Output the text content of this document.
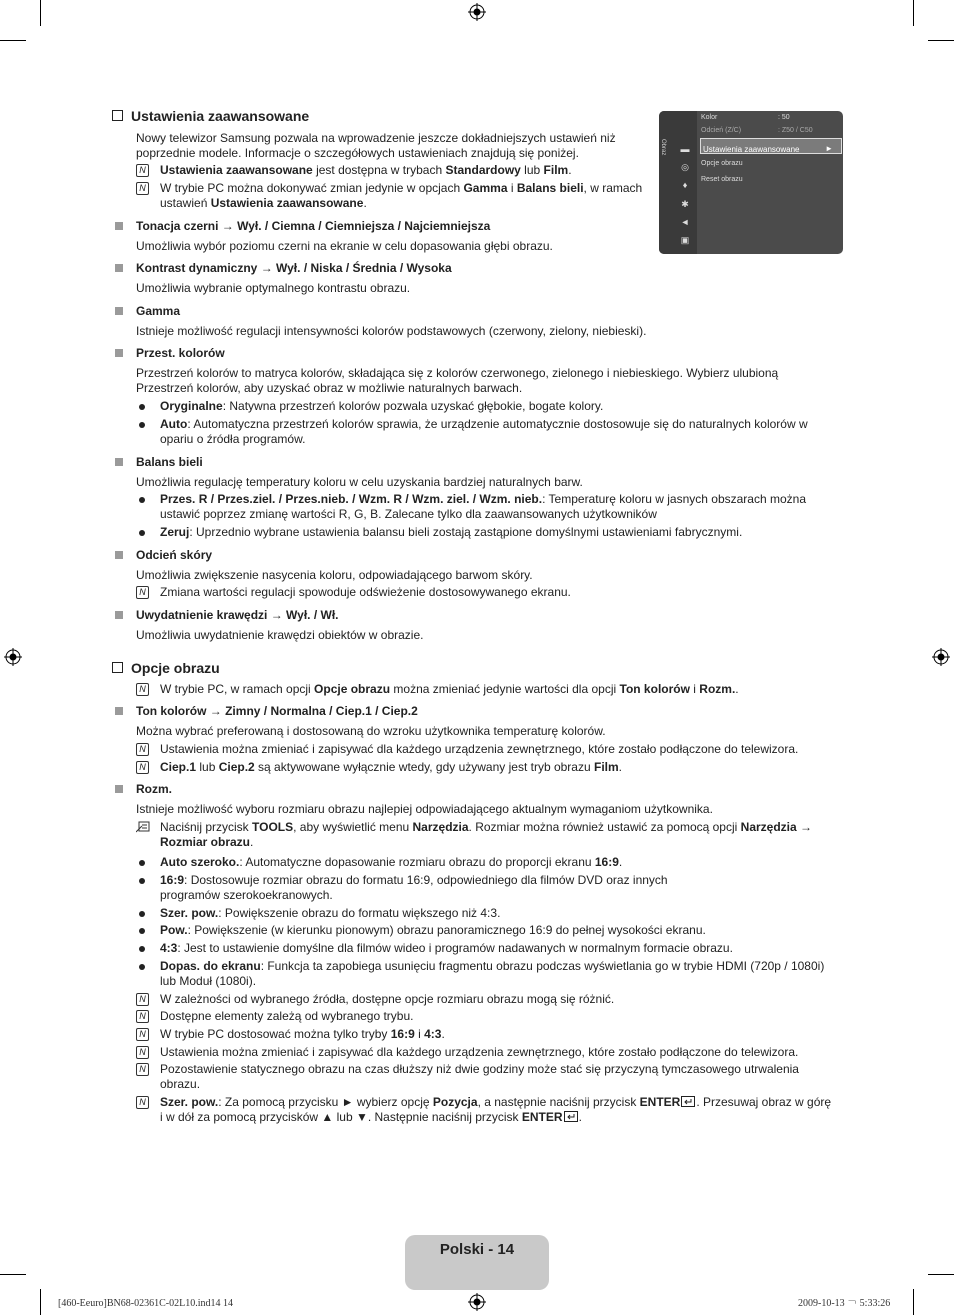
Ustawienia zaawansowane
Nowy telewizor Samsung pozwala na wprowadzenie jeszcze dokładniejszych ustawień niż poprzednie modele. Informacje o szczegółowych ustawieniach znajdują się poniżej.
N Ustawienia zaawansowane jest dostępna w trybach Standardowy lub Film.
N W trybie PC można dokonywać zmian jedynie w opcjach Gamma i Balans bieli, w ramach ustawień Ustawienia zaawansowane.
Tonacja czerni → Wył. / Ciemna / Ciemniejsza / Najciemniejsza
Umożliwia wybór poziomu czerni na ekranie w celu dopasowania głębi obrazu.
Kontrast dynamiczny → Wył. / Niska / Średnia / Wysoka
Umożliwia wybranie optymalnego kontrastu obrazu.
Gamma
Istnieje możliwość regulacji intensywności kolorów podstawowych (czerwony, zielony, niebieski).
Przest. kolorów
Przestrzeń kolorów to matryca kolorów, składająca się z kolorów czerwonego, zielonego i niebieskiego. Wybierz ulubioną Przestrzeń kolorów, aby uzyskać obraz w możliwie naturalnych barwach.
Oryginalne: Natywna przestrzeń kolorów pozwala uzyskać głębokie, bogate kolory.
Auto: Automatyczna przestrzeń kolorów sprawia, że urządzenie automatycznie dostosowuje się do naturalnych kolorów w opariu o źródła programów.
Balans bieli
Umożliwia regulację temperatury koloru w celu uzyskania bardziej naturalnych barw.
Przes. R / Przes.ziel. / Przes.nieb. / Wzm. R / Wzm. ziel. / Wzm. nieb.: Temperaturę koloru w jasnych obszarach można ustawić poprzez zmianę wartości R, G, B. Zalecane tylko dla zaawansowanych użytkowników
Zeruj: Uprzednio wybrane ustawienia balansu bieli zostają zastąpione domyślnymi ustawieniami fabrycznymi.
Odcień skóry
Umożliwia zwiększenie nasycenia koloru, odpowiadającego barwom skóry.
N Zmiana wartości regulacji spowoduje odświeżenie dostosowywanego ekranu.
Uwydatnienie krawędzi → Wył. / Wł.
Umożliwia uwydatnienie krawędzi obiektów w obrazie.
Opcje obrazu
N W trybie PC, w ramach opcji Opcje obrazu można zmieniać jedynie wartości dla opcji Ton kolorów i Rozm..
Ton kolorów → Zimny / Normalna / Ciep.1 / Ciep.2
Można wybrać preferowaną i dostosowaną do wzroku użytkownika temperaturę kolorów.
N Ustawienia można zmieniać i zapisywać dla każdego urządzenia zewnętrznego, które zostało podłączone do telewizora.
N Ciep.1 lub Ciep.2 są aktywowane wyłącznie wtedy, gdy używany jest tryb obrazu Film.
Rozm.
Istnieje możliwość wyboru rozmiaru obrazu najlepiej odpowiadającego aktualnym wymaganiom użytkownika.
Naciśnij przycisk TOOLS, aby wyświetlić menu Narzędzia. Rozmiar można również ustawić za pomocą opcji Narzędzia → Rozmiar obrazu.
Auto szeroko.: Automatyczne dopasowanie rozmiaru obrazu do proporcji ekranu 16:9.
16:9: Dostosowuje rozmiar obrazu do formatu 16:9, odpowiedniego dla filmów DVD oraz innych programów szerokoekranowych.
Szer. pow.: Powiększenie obrazu do formatu większego niż 4:3.
Pow.: Powiększenie (w kierunku pionowym) obrazu panoramicznego 16:9 do pełnej wysokości ekranu.
4:3: Jest to ustawienie domyślne dla filmów wideo i programów nadawanych w normalnym formacie obrazu.
Dopas. do ekranu: Funkcja ta zapobiega usunięciu fragmentu obrazu podczas wyświetlania go w trybie HDMI (720p / 1080i) lub Moduł (1080i).
N W zależności od wybranego źródła, dostępne opcje rozmiaru obrazu mogą się różnić.
N Dostępne elementy zależą od wybranego trybu.
N W trybie PC dostosować można tylko tryby 16:9 i 4:3.
N Ustawienia można zmieniać i zapisywać dla każdego urządzenia zewnętrznego, które zostało podłączone do telewizora.
N Pozostawienie statycznego obrazu na czas dłuższy niż dwie godziny może stać się przyczyną tymczasowego utrwalenia obrazu.
N Szer. pow.: Za pomocą przycisku ► wybierz opcję Pozycja, a następnie naciśnij przycisk ENTER . Przesuwaj obraz w górę i w dół za pomocą przycisków ▲ lub ▼. Następnie naciśnij przycisk ENTER .
Obraz	▬
◎
♦
✱
◄
▣
Kolor	: 50
Odcień (Z/C)	: Z50 / C50
Ustawienia zaawansowane	►
Opcje obrazu
Reset obrazu
Polski - 14
[460-Eeuro]BN68-02361C-02L10.ind14 14	2009-10-13 ￢ 5:33:26
